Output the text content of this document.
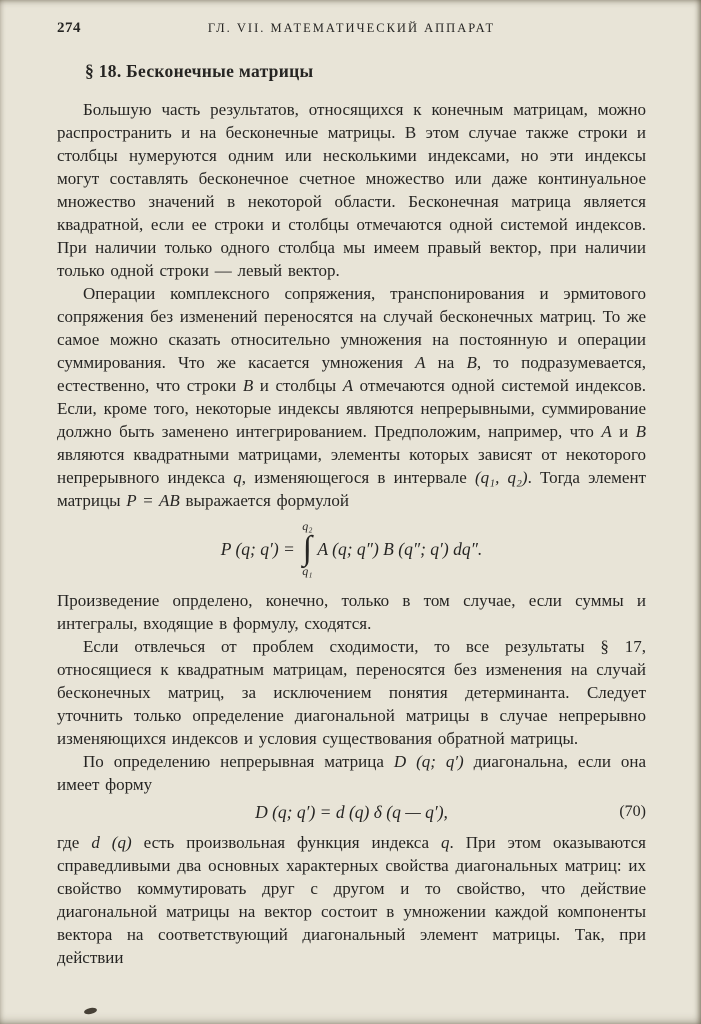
274	ГЛ. VII. МАТЕМАТИЧЕСКИЙ АППАРАТ
§ 18. Бесконечные матрицы

Большую часть результатов, относящихся к конечным матрицам, можно распространить и на бесконечные матрицы. В этом случае также строки и столбцы нумеруются одним или несколькими индексами, но эти индексы могут составлять бесконечное счетное множество или даже континуальное множество значений в некоторой области. Бесконечная матрица является квадратной, если ее строки и столбцы отмечаются одной системой индексов. При наличии только одного столбца мы имеем правый вектор, при наличии только одной строки — левый вектор.

Операции комплексного сопряжения, транспонирования и эрмитового сопряжения без изменений переносятся на случай бесконечных матриц. То же самое можно сказать относительно умножения на постоянную и операции суммирования. Что же касается умножения A на B, то подразумевается, естественно, что строки B и столбцы A отмечаются одной системой индексов. Если, кроме того, некоторые индексы являются непрерывными, суммирование должно быть заменено интегрированием. Предположим, например, что A и B являются квадратными матрицами, элементы которых зависят от некоторого непрерывного индекса q, изменяющегося в интервале (q₁, q₂). Тогда элемент матрицы P = AB выражается формулой

P (q; q′) =
q₂
∫
q₁
A (q; q″) B (q″; q′) dq″.

Произведение опрделено, конечно, только в том случае, если суммы и интегралы, входящие в формулу, сходятся.

Если отвлечься от проблем сходимости, то все результаты § 17, относящиеся к квадратным матрицам, переносятся без изменения на случай бесконечных матриц, за исключением понятия детерминанта. Следует уточнить только определение диагональной матрицы в случае непрерывно изменяющихся индексов и условия существования обратной матрицы.

По определению непрерывная матрица D (q; q′) диагональна, если она имеет форму

D (q; q′) = d (q) δ (q — q′),	(70)

где d (q) есть произвольная функция индекса q. При этом оказываются справедливыми два основных характерных свойства диагональных матриц: их свойство коммутировать друг с другом и то свойство, что действие диагональной матрицы на вектор состоит в умножении каждой компоненты вектора на соответствующий диагональный элемент матрицы. Так, при действии
